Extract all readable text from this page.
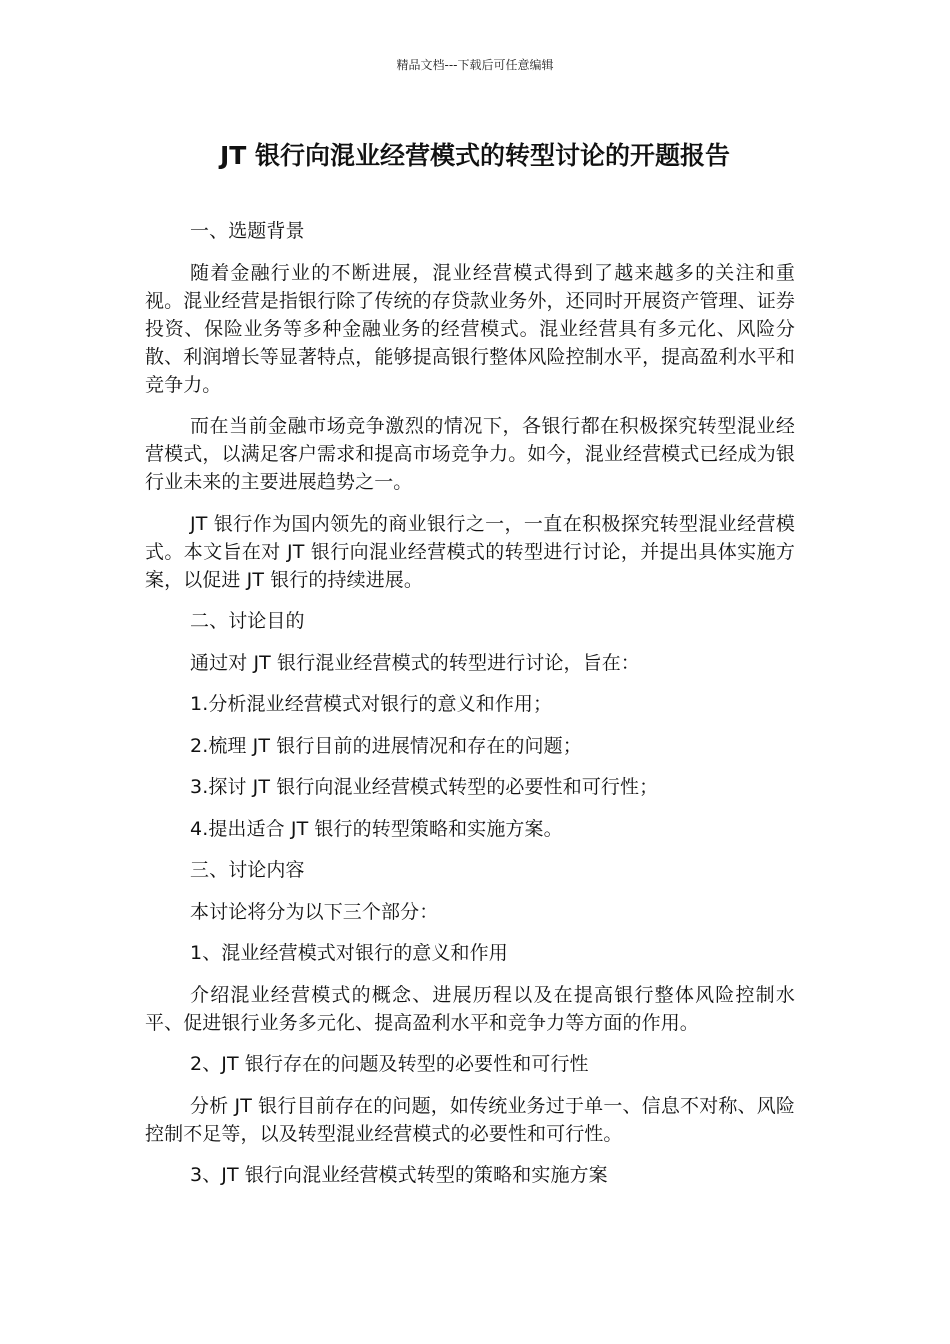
精品文档---下载后可任意编辑
JT 银行向混业经营模式的转型讨论的开题报告

一、选题背景

随着金融行业的不断进展，混业经营模式得到了越来越多的关注和重视。混业经营是指银行除了传统的存贷款业务外，还同时开展资产管理、证券投资、保险业务等多种金融业务的经营模式。混业经营具有多元化、风险分散、利润增长等显著特点，能够提高银行整体风险控制水平，提高盈利水平和竞争力。

而在当前金融市场竞争激烈的情况下，各银行都在积极探究转型混业经营模式，以满足客户需求和提高市场竞争力。如今，混业经营模式已经成为银行业未来的主要进展趋势之一。

JT 银行作为国内领先的商业银行之一，一直在积极探究转型混业经营模式。本文旨在对 JT 银行向混业经营模式的转型进行讨论，并提出具体实施方案，以促进 JT 银行的持续进展。

二、讨论目的

通过对 JT 银行混业经营模式的转型进行讨论，旨在：

1.分析混业经营模式对银行的意义和作用；

2.梳理 JT 银行目前的进展情况和存在的问题；

3.探讨 JT 银行向混业经营模式转型的必要性和可行性；

4.提出适合 JT 银行的转型策略和实施方案。

三、讨论内容

本讨论将分为以下三个部分：

1、混业经营模式对银行的意义和作用

介绍混业经营模式的概念、进展历程以及在提高银行整体风险控制水平、促进银行业务多元化、提高盈利水平和竞争力等方面的作用。

2、JT 银行存在的问题及转型的必要性和可行性

分析 JT 银行目前存在的问题，如传统业务过于单一、信息不对称、风险控制不足等，以及转型混业经营模式的必要性和可行性。

3、JT 银行向混业经营模式转型的策略和实施方案
